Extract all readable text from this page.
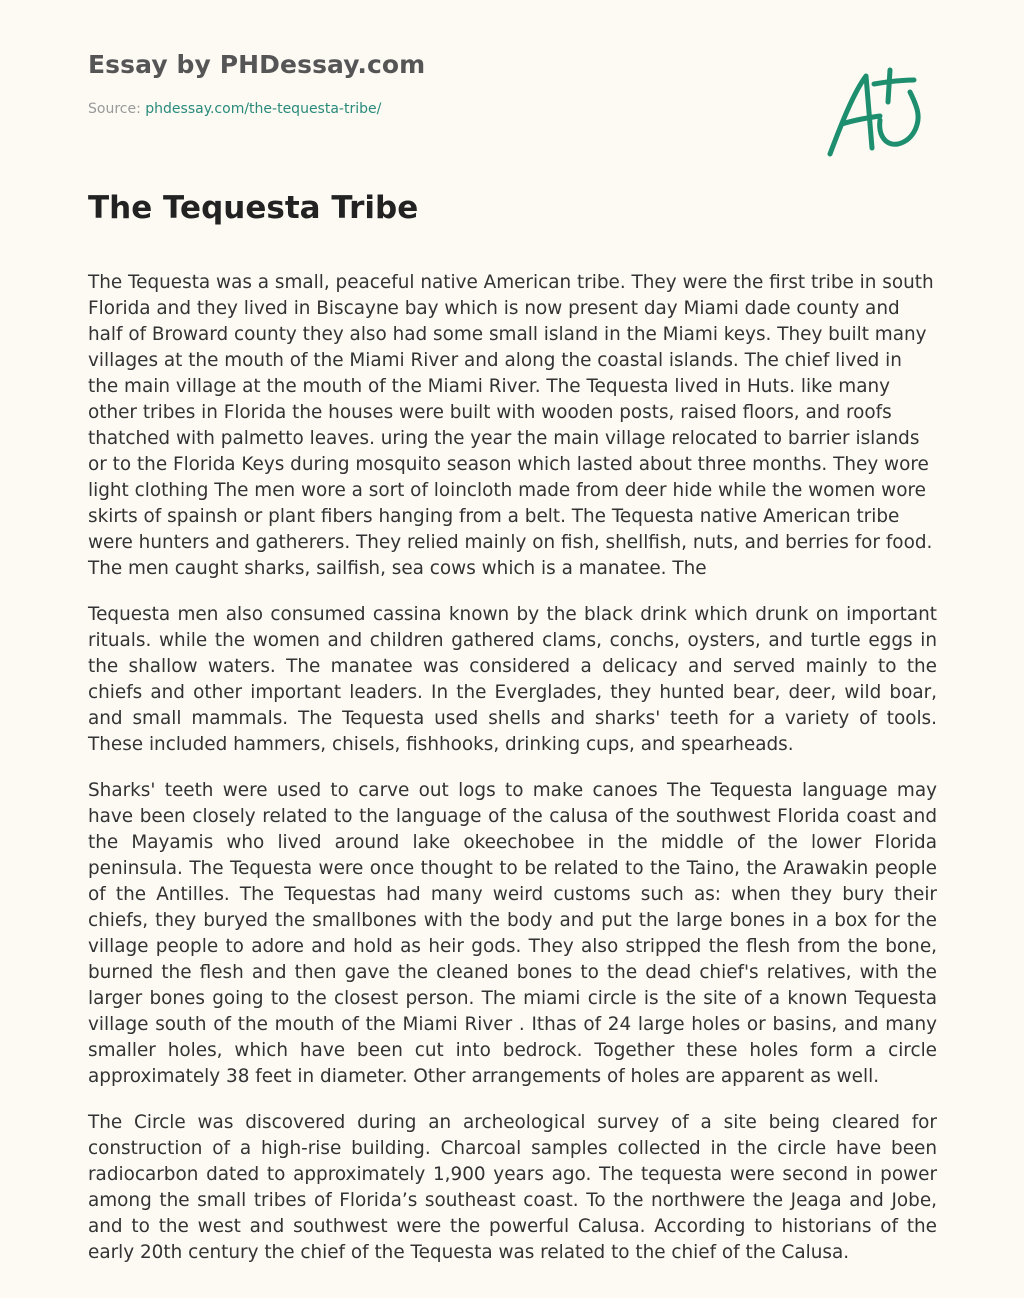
Essay by PHDessay.com

Source: phdessay.com/the-tequesta-tribe/
The Tequesta Tribe

The Tequesta was a small, peaceful native American tribe. They were the first tribe in south Florida and they lived in Biscayne bay which is now present day Miami dade county and half of Broward county they also had some small island in the Miami keys. They built many villages at the mouth of the Miami River and along the coastal islands. The chief lived in the main village at the mouth of the Miami River. The Tequesta lived in Huts. like many other tribes in Florida the houses were built with wooden posts, raised floors, and roofs thatched with palmetto leaves. uring the year the main village relocated to barrier islands or to the Florida Keys during mosquito season which lasted about three months. They wore light clothing The men wore a sort of loincloth made from deer hide while the women wore skirts of spainsh or plant fibers hanging from a belt. The Tequesta native American tribe were hunters and gatherers. They relied mainly on fish, shellfish, nuts, and berries for food. The men caught sharks, sailfish, sea cows which is a manatee. The

Tequesta men also consumed cassina known by the black drink which drunk on important rituals. while the women and children gathered clams, conchs, oysters, and turtle eggs in the shallow waters. The manatee was considered a delicacy and served mainly to the chiefs and other important leaders. In the Everglades, they hunted bear, deer, wild boar, and small mammals. The Tequesta used shells and sharks' teeth for a variety of tools. These included hammers, chisels, fishhooks, drinking cups, and spearheads.

Sharks' teeth were used to carve out logs to make canoes The Tequesta language may have been closely related to the language of the calusa of the southwest Florida coast and the Mayamis who lived around lake okeechobee in the middle of the lower Florida peninsula. The Tequesta were once thought to be related to the Taino, the Arawakin people of the Antilles. The Tequestas had many weird customs such as: when they bury their chiefs, they buryed the smallbones with the body and put the large bones in a box for the village people to adore and hold as heir gods. They also stripped the flesh from the bone, burned the flesh and then gave the cleaned bones to the dead chief's relatives, with the larger bones going to the closest person. The miami circle is the site of a known Tequesta village south of the mouth of the Miami River . Ithas of 24 large holes or basins, and many smaller holes, which have been cut into bedrock. Together these holes form a circle approximately 38 feet in diameter. Other arrangements of holes are apparent as well.

The Circle was discovered during an archeological survey of a site being cleared for construction of a high-rise building. Charcoal samples collected in the circle have been radiocarbon dated to approximately 1,900 years ago. The tequesta were second in power among the small tribes of Florida’s southeast coast. To the northwere the Jeaga and Jobe, and to the west and southwest were the powerful Calusa. According to historians of the early 20th century the chief of the Tequesta was related to the chief of the Calusa.
